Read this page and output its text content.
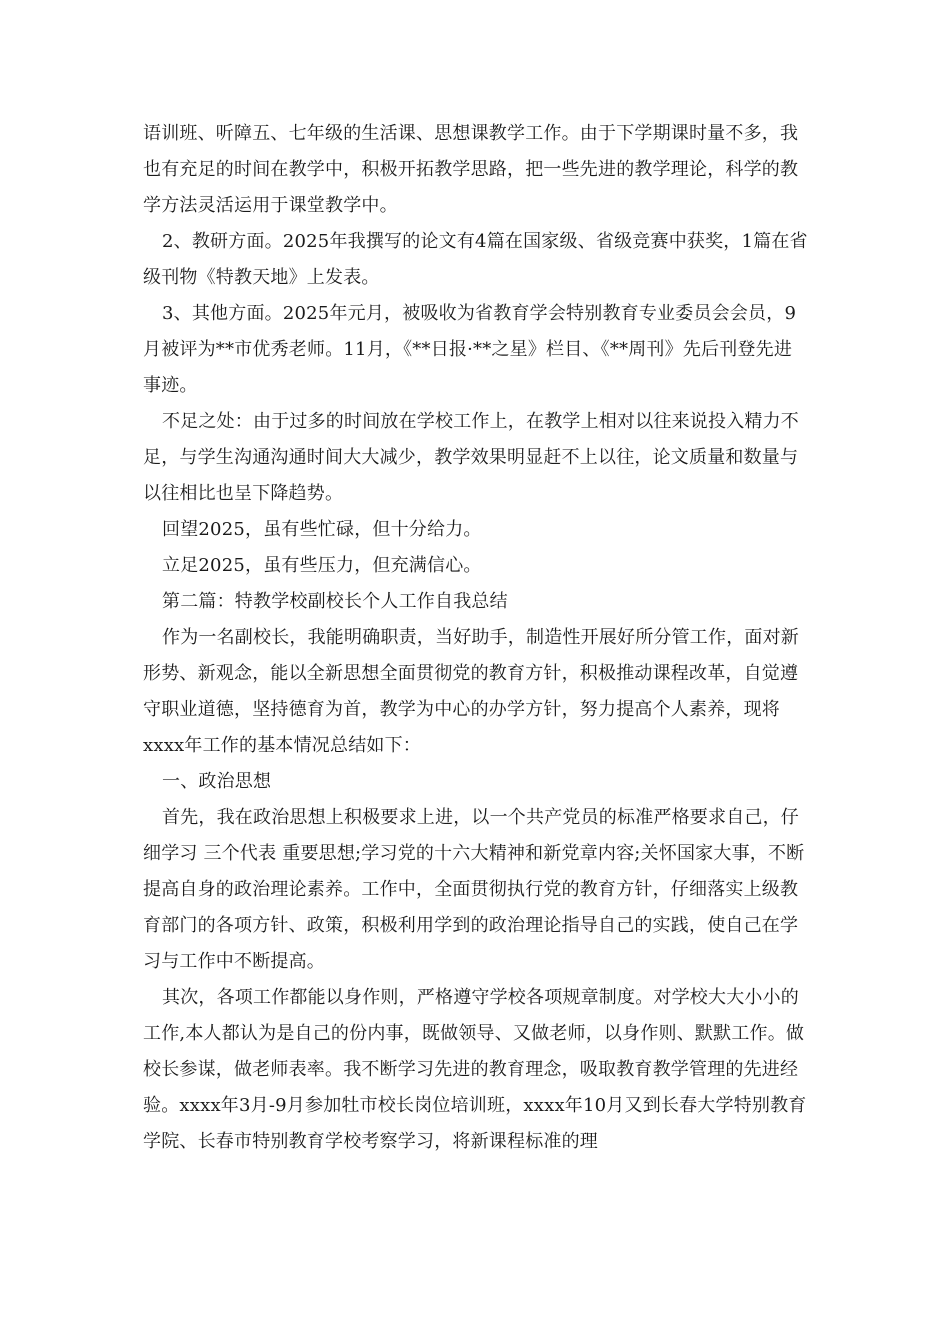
语训班、听障五、七年级的生活课、思想课教学工作。由于下学期课时量不多，我也有充足的时间在教学中，积极开拓教学思路，把一些先进的教学理论，科学的教学方法灵活运用于课堂教学中。

2、教研方面。2025年我撰写的论文有4篇在国家级、省级竞赛中获奖，1篇在省级刊物《特教天地》上发表。

3、其他方面。2025年元月，被吸收为省教育学会特别教育专业委员会会员，9月被评为**市优秀老师。11月，《**日报·**之星》栏目、《**周刊》先后刊登先进事迹。

不足之处：由于过多的时间放在学校工作上，在教学上相对以往来说投入精力不足，与学生沟通沟通时间大大减少，教学效果明显赶不上以往，论文质量和数量与以往相比也呈下降趋势。

回望2025，虽有些忙碌，但十分给力。

立足2025，虽有些压力，但充满信心。

第二篇：特教学校副校长个人工作自我总结

作为一名副校长，我能明确职责，当好助手，制造性开展好所分管工作，面对新形势、新观念，能以全新思想全面贯彻党的教育方针，积极推动课程改革，自觉遵守职业道德，坚持德育为首，教学为中心的办学方针，努力提高个人素养，现将xxxx年工作的基本情况总结如下：

一、政治思想

首先，我在政治思想上积极要求上进，以一个共产党员的标准严格要求自己，仔细学习 三个代表 重要思想;学习党的十六大精神和新党章内容;关怀国家大事，不断提高自身的政治理论素养。工作中，全面贯彻执行党的教育方针，仔细落实上级教育部门的各项方针、政策，积极利用学到的政治理论指导自己的实践，使自己在学习与工作中不断提高。

其次，各项工作都能以身作则，严格遵守学校各项规章制度。对学校大大小小的工作,本人都认为是自己的份内事，既做领导、又做老师，以身作则、默默工作。做校长参谋，做老师表率。我不断学习先进的教育理念，吸取教育教学管理的先进经验。xxxx年3月-9月参加牡市校长岗位培训班，xxxx年10月又到长春大学特别教育学院、长春市特别教育学校考察学习，将新课程标准的理
